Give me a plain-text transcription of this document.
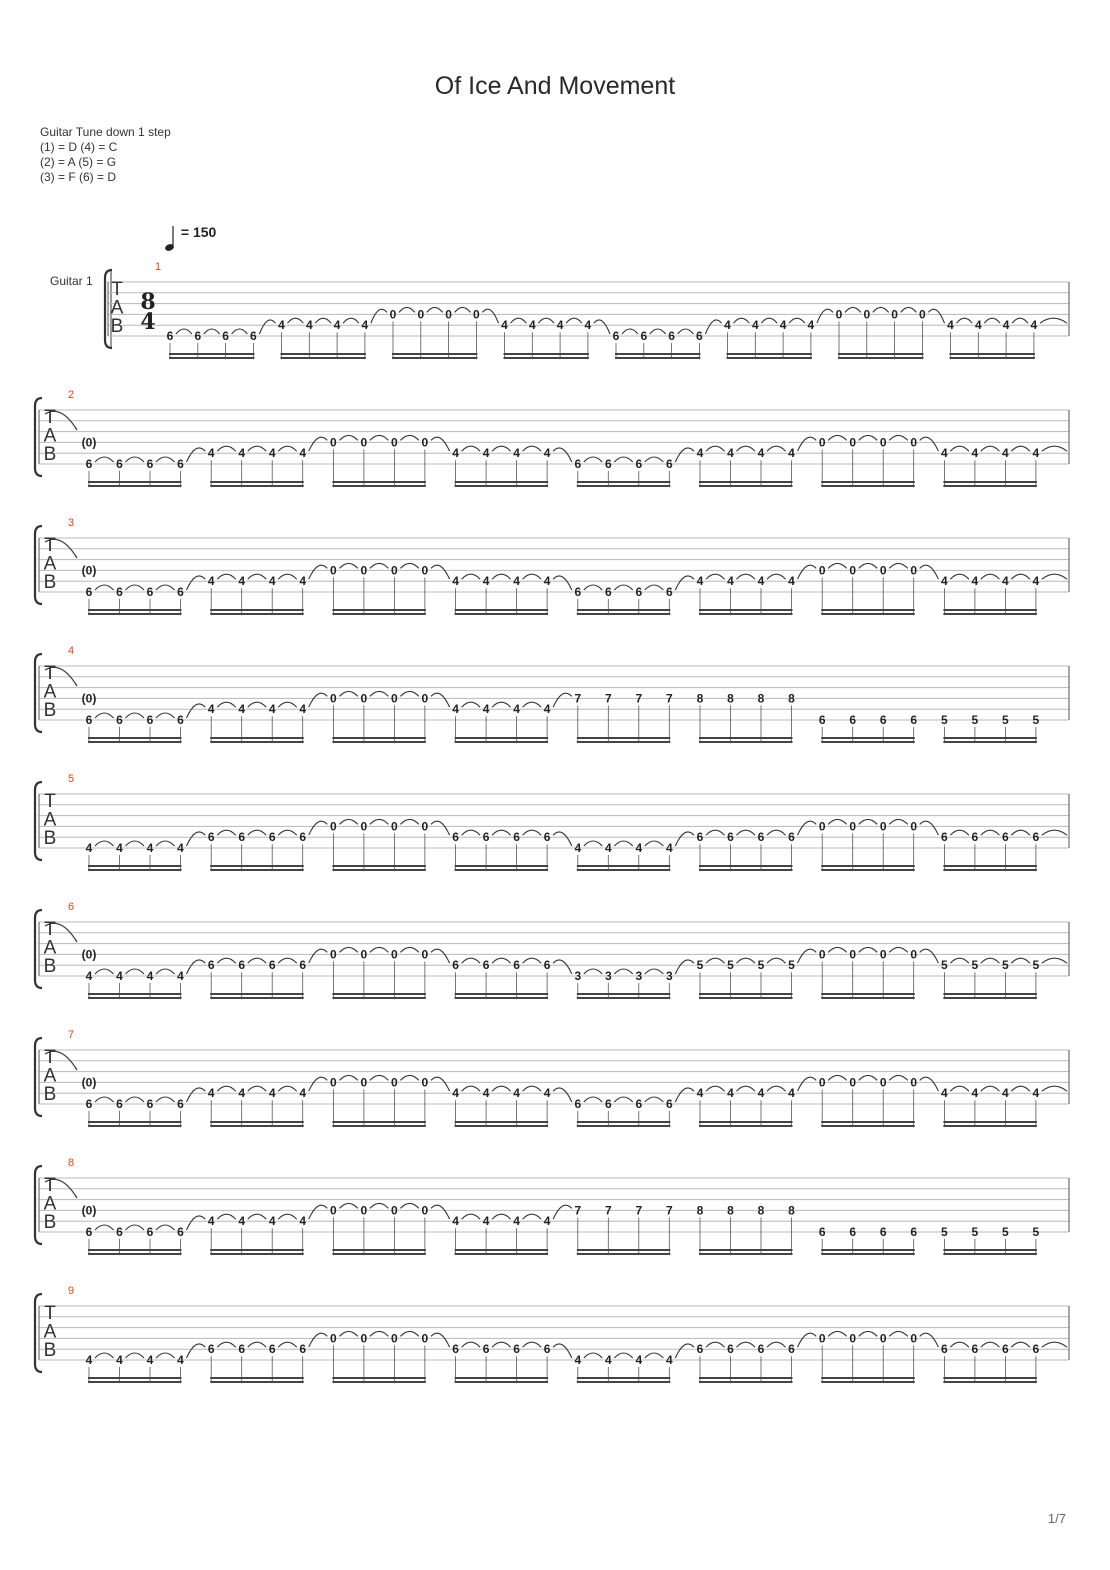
Of Ice And Movement
Guitar Tune down 1 step
(1) = D (4) = C
(2) = A (5) = G
(3) = F (6) = D
= 150
Guitar 1 T
A
B
8
4
1
6 6 6 6
4 4 4 4
0 0 0 0
4 4 4 4
6 6 6 6
4 4 4 4
0 0 0 0
4 4 4 4
T
A
B
2
(0)
6 6 6 6
4 4 4 4
0 0 0 0
4 4 4 4
6 6 6 6
4 4 4 4
0 0 0 0
4 4 4 4
T
A
B
3
(0)
6 6 6 6
4 4 4 4
0 0 0 0
4 4 4 4
6 6 6 6
4 4 4 4
0 0 0 0
4 4 4 4
T
A
B
4
(0)
6 6 6 6
4 4 4 4
0 0 0 0
4 4 4 4
7 7 7 7 8 8 8 8
6 6 6 6 5 5 5 5
T
A
B
5
4 4 4 4
6 6 6 6
0 0 0 0
6 6 6 6
4 4 4 4
6 6 6 6
0 0 0 0
6 6 6 6
T
A
B
6
(0)
4 4 4 4
6 6 6 6
0 0 0 0
6 6 6 6
3 3 3 3
5 5 5 5
0 0 0 0
5 5 5 5
T
A
B
7
(0)
6 6 6 6
4 4 4 4
0 0 0 0
4 4 4 4
6 6 6 6
4 4 4 4
0 0 0 0
4 4 4 4
T
A
B
8
(0)
6 6 6 6
4 4 4 4
0 0 0 0
4 4 4 4
7 7 7 7 8 8 8 8
6 6 6 6 5 5 5 5
T
A
B
9
4 4 4 4
6 6 6 6
0 0 0 0
6 6 6 6
4 4 4 4
6 6 6 6
0 0 0 0
6 6 6 6
1/7
